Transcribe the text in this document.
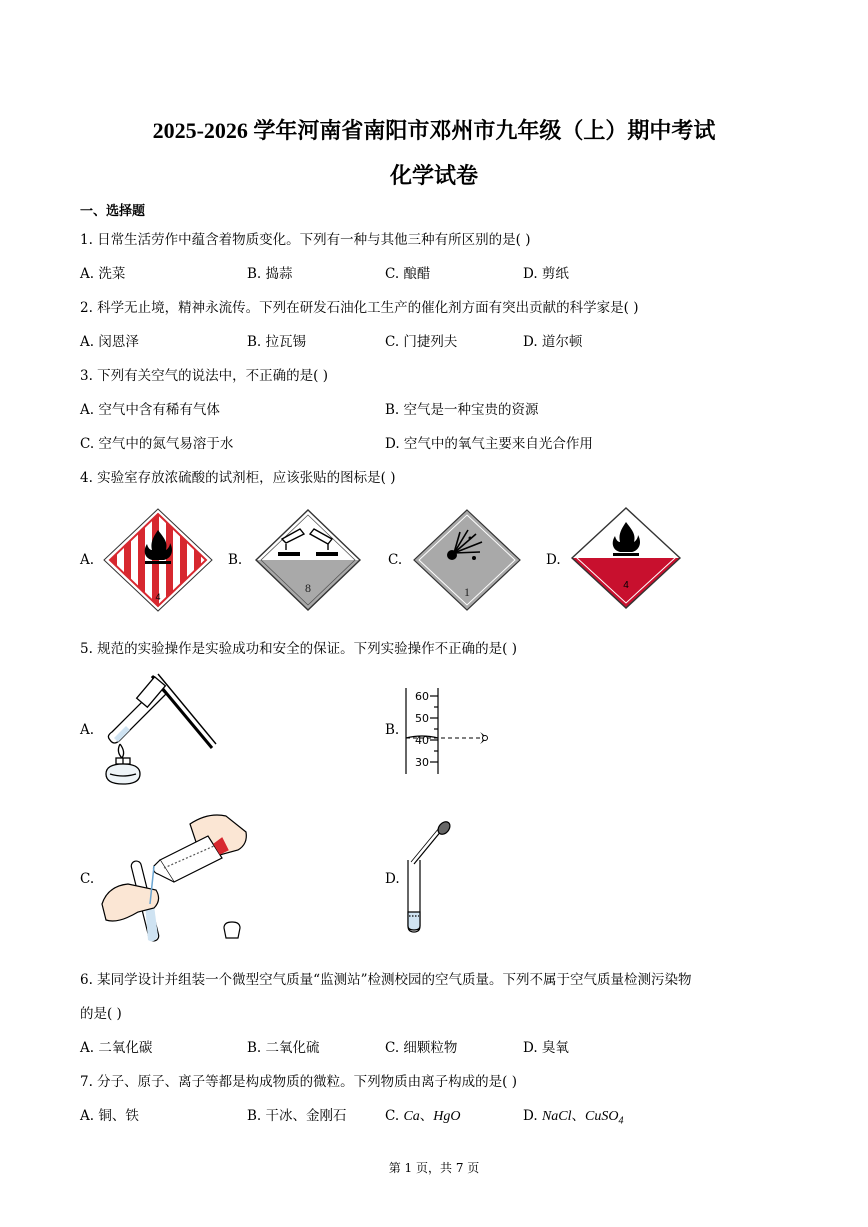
2025-2026 学年河南省南阳市邓州市九年级（上）期中考试
化学试卷
一、选择题
1. 日常生活劳作中蕴含着物质变化。下列有一种与其他三种有所区别的是( )
A. 洗菜	B. 捣蒜	C. 酿醋	D. 剪纸
2. 科学无止境，精神永流传。下列在研发石油化工生产的催化剂方面有突出贡献的科学家是( )
A. 闵恩泽	B. 拉瓦锡	C. 门捷列夫	D. 道尔顿
3. 下列有关空气的说法中，不正确的是( )
A. 空气中含有稀有气体	B. 空气是一种宝贵的资源
C. 空气中的氮气易溶于水	D. 空气中的氧气主要来自光合作用
4. 实验室存放浓硫酸的试剂柜，应该张贴的图标是( )
A.	B.	C.	D.
4
8	1	4
5. 规范的实验操作是实验成功和安全的保证。下列实验操作不正确的是( )
A.	B.
C.	D.
60
50
40
30
6. 某同学设计并组装一个微型空气质量“监测站”检测校园的空气质量。下列不属于空气质量检测污染物
的是( )
A. 二氧化碳	B. 二氧化硫	C. 细颗粒物	D. 臭氧
7. 分子、原子、离子等都是构成物质的微粒。下列物质由离子构成的是( )
A. 铜、铁	B. 干冰、金刚石	C. Ca、HgO	D. NaCl、CuSO$_4$
第 1 页，共 7 页
